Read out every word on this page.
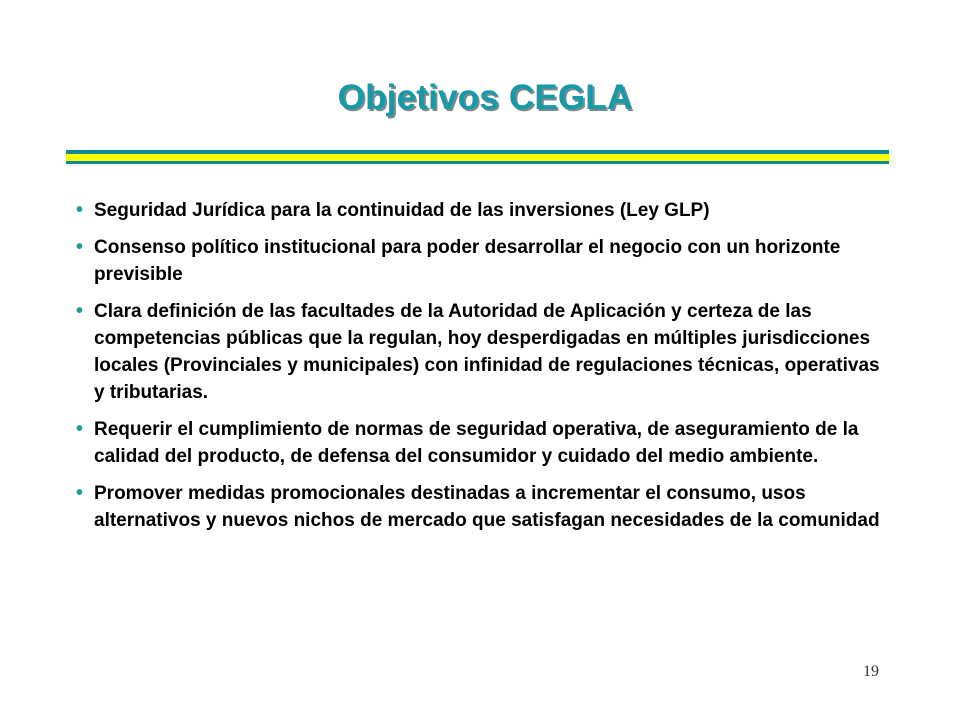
Objetivos CEGLA
• Seguridad Jurídica para la continuidad de las inversiones (Ley GLP)
• Consenso político institucional para poder desarrollar el negocio con un horizonte previsible
• Clara definición de las facultades de la Autoridad de Aplicación y certeza de las competencias públicas que la regulan, hoy desperdigadas en múltiples jurisdicciones locales (Provinciales y municipales) con infinidad de regulaciones técnicas, operativas y tributarias.
• Requerir el cumplimiento de normas de seguridad operativa, de aseguramiento de la calidad del producto, de defensa del consumidor y cuidado del medio ambiente.
• Promover medidas promocionales destinadas a incrementar el consumo, usos alternativos y nuevos nichos de mercado que satisfagan necesidades de la comunidad
19
